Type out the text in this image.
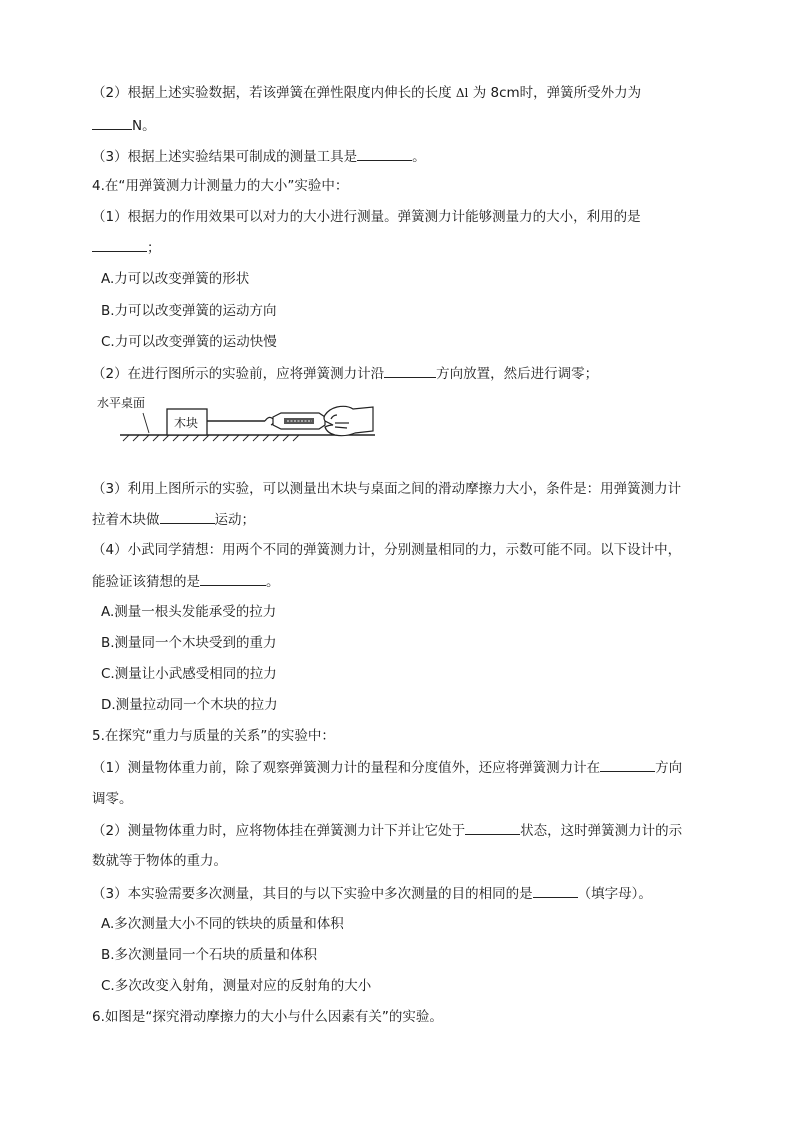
（2）根据上述实验数据，若该弹簧在弹性限度内伸长的长度 Δl 为 8cm时，弹簧所受外力为
N。
（3）根据上述实验结果可制成的测量工具是	。
4.在“用弹簧测力计测量力的大小”实验中：
（1）根据力的作用效果可以对力的大小进行测量。弹簧测力计能够测量力的大小，利用的是
；
A.力可以改变弹簧的形状
B.力可以改变弹簧的运动方向
C.力可以改变弹簧的运动快慢
（2）在进行图所示的实验前，应将弹簧测力计沿	方向放置，然后进行调零；
水平桌面
木块
（3）利用上图所示的实验，可以测量出木块与桌面之间的滑动摩擦力大小，条件是：用弹簧测力计
拉着木块做	运动；
（4）小武同学猜想：用两个不同的弹簧测力计，分别测量相同的力，示数可能不同。以下设计中，
能验证该猜想的是	。
A.测量一根头发能承受的拉力
B.测量同一个木块受到的重力
C.测量让小武感受相同的拉力
D.测量拉动同一个木块的拉力
5.在探究“重力与质量的关系”的实验中：
（1）测量物体重力前，除了观察弹簧测力计的量程和分度值外，还应将弹簧测力计在	方向
调零。
（2）测量物体重力时，应将物体挂在弹簧测力计下并让它处于	状态，这时弹簧测力计的示
数就等于物体的重力。
（3）本实验需要多次测量，其目的与以下实验中多次测量的目的相同的是	（填字母）。
A.多次测量大小不同的铁块的质量和体积
B.多次测量同一个石块的质量和体积
C.多次改变入射角，测量对应的反射角的大小
6.如图是“探究滑动摩擦力的大小与什么因素有关”的实验。
